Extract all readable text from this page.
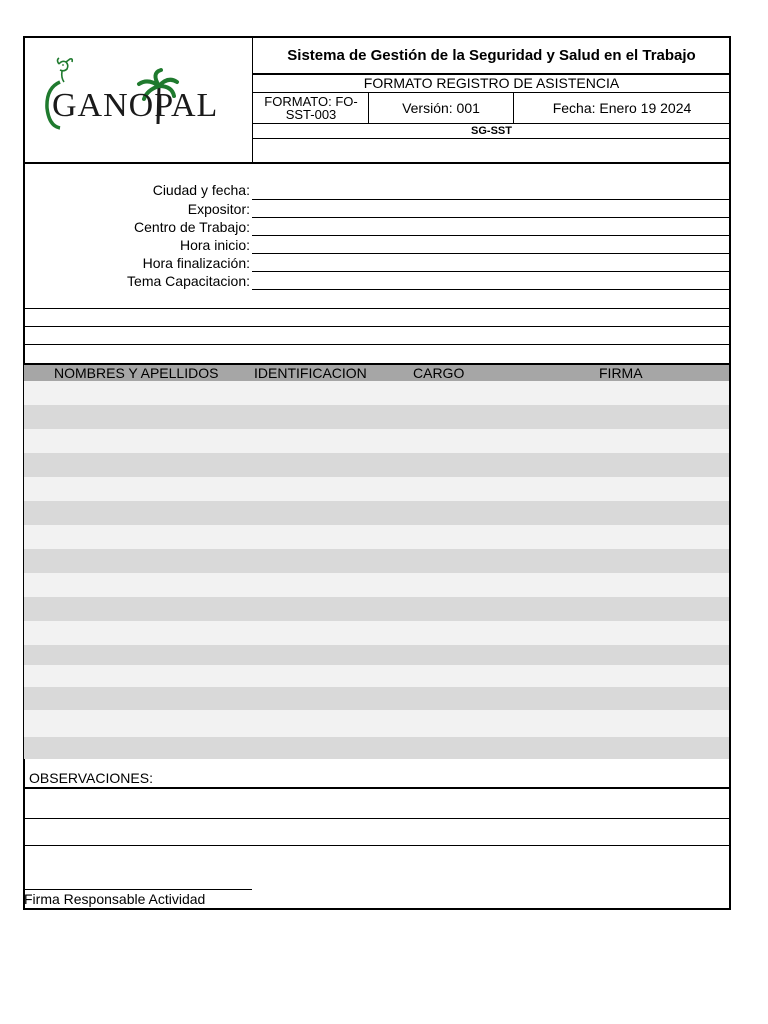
GANOPAL
Sistema de Gestión de la Seguridad y Salud en el Trabajo
FORMATO REGISTRO DE ASISTENCIA
FORMATO: FO-SST-003	Versión: 001	Fecha: Enero 19 2024
SG-SST
Ciudad y fecha:
Expositor:
Centro de Trabajo:
Hora inicio:
Hora finalización:
Tema Capacitacion:
NOMBRES Y APELLIDOS	IDENTIFICACION	CARGO	FIRMA
OBSERVACIONES:
Firma Responsable Actividad
